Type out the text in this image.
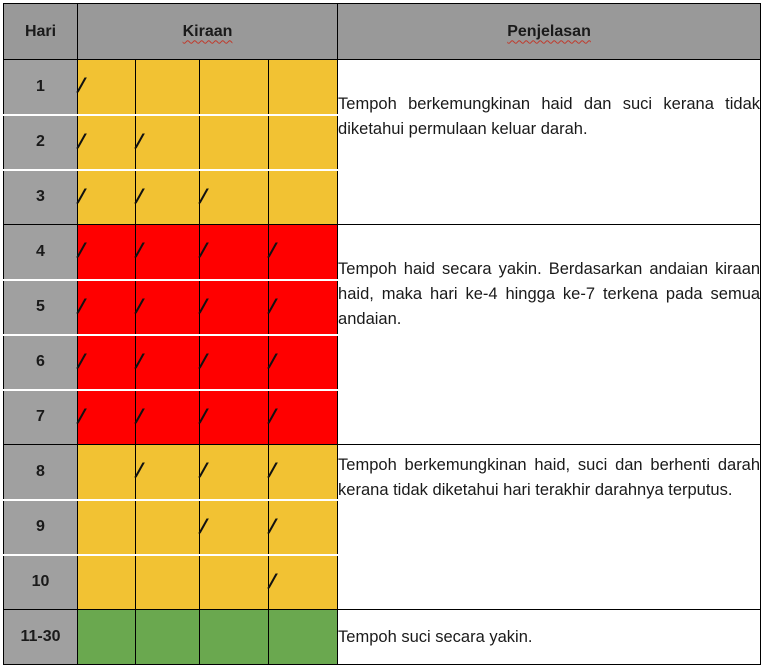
Hari	Kiraan				Penjelasan
1	/				Tempoh berkemungkinan haid dan suci kerana tidak diketahui permulaan keluar darah.

2	/	/			
3	/	/	/		
4	/	/	/	/	Tempoh haid secara yakin. Berdasarkan andaian kiraan haid, maka hari ke-4 hingga ke-7 terkena pada semua andaian.

5	/	/	/	/	
6	/	/	/	/	
7	/	/	/	/	
8		/	/	/	Tempoh berkemungkinan haid, suci dan berhenti darah kerana tidak diketahui hari terakhir darahnya terputus.

9			/	/	
10				/	
11-30					Tempoh suci secara yakin.
